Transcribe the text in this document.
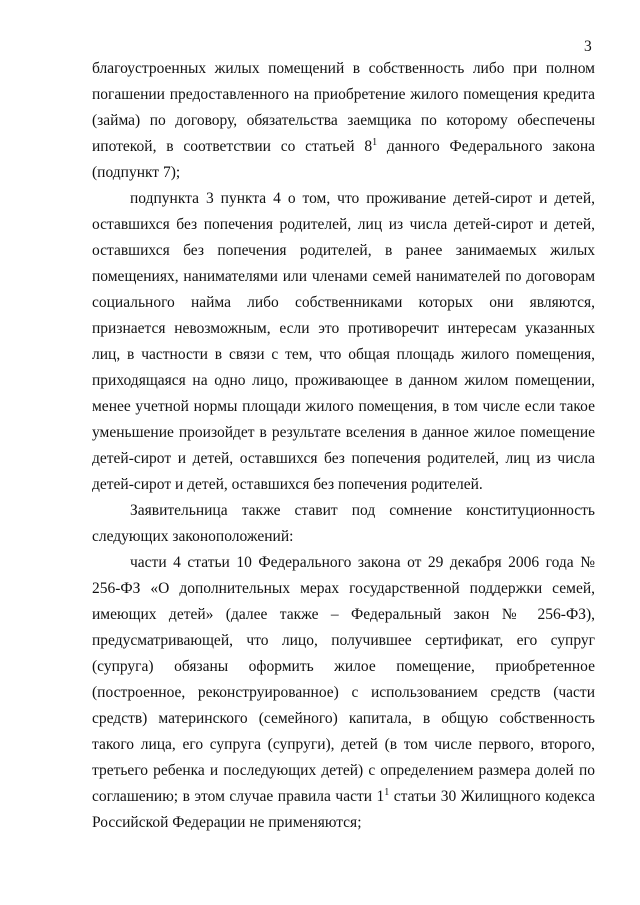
3

благоустроенных жилых помещений в собственность либо при полном погашении предоставленного на приобретение жилого помещения кредита (займа) по договору, обязательства заемщика по которому обеспечены ипотекой, в соответствии со статьей $8^1$ данного Федерального закона (подпункт 7);

подпункта 3 пункта 4 о том, что проживание детей-сирот и детей, оставшихся без попечения родителей, лиц из числа детей-сирот и детей, оставшихся без попечения родителей, в ранее занимаемых жилых помещениях, нанимателями или членами семей нанимателей по договорам социального найма либо собственниками которых они являются, признается невозможным, если это противоречит интересам указанных лиц, в частности в связи с тем, что общая площадь жилого помещения, приходящаяся на одно лицо, проживающее в данном жилом помещении, менее учетной нормы площади жилого помещения, в том числе если такое уменьшение произойдет в результате вселения в данное жилое помещение детей-сирот и детей, оставшихся без попечения родителей, лиц из числа детей-сирот и детей, оставшихся без попечения родителей.

Заявительница также ставит под сомнение конституционность следующих законоположений:

части 4 статьи 10 Федерального закона от 29 декабря 2006 года № 256-ФЗ «О дополнительных мерах государственной поддержки семей, имеющих детей» (далее также – Федеральный закон № 256-ФЗ), предусматривающей, что лицо, получившее сертификат, его супруг (супруга) обязаны оформить жилое помещение, приобретенное (построенное, реконструированное) с использованием средств (части средств) материнского (семейного) капитала, в общую собственность такого лица, его супруга (супруги), детей (в том числе первого, второго, третьего ребенка и последующих детей) с определением размера долей по соглашению; в этом случае правила части $1^1$ статьи 30 Жилищного кодекса Российской Федерации не применяются;
